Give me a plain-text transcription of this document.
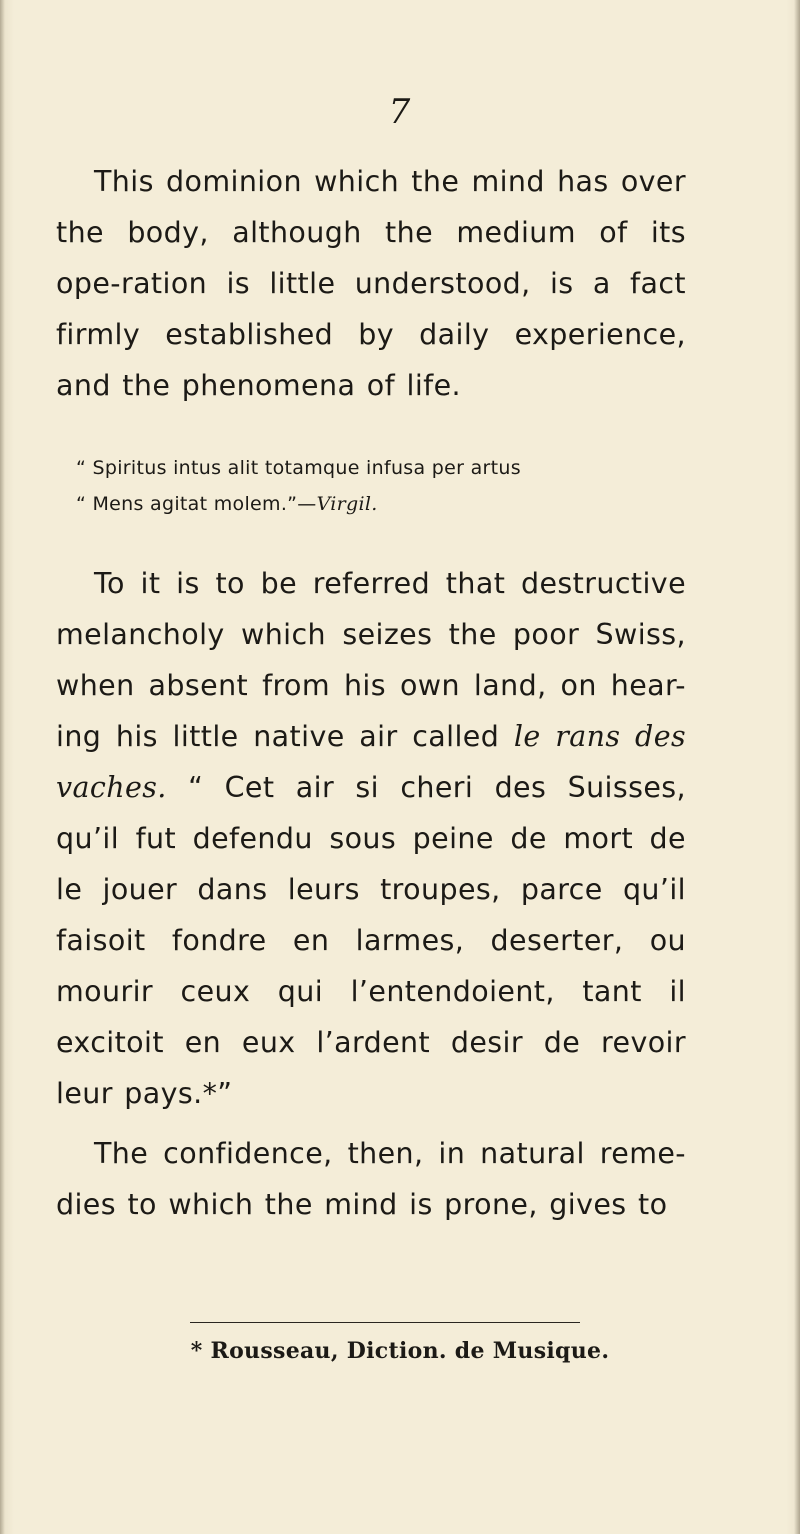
7
This dominion which the mind has over the body, although the medium of its ope-ration is little understood, is a fact firmly established by daily experience, and the phenomena of life.
“ Spiritus intus alit totamque infusa per artus
“ Mens agitat molem.”—Virgil.
To it is to be referred that destructive melancholy which seizes the poor Swiss, when absent from his own land, on hear-ing his little native air called le rans des vaches. “ Cet air si cheri des Suisses, qu’il fut defendu sous peine de mort de le jouer dans leurs troupes, parce qu’il faisoit fondre en larmes, deserter, ou mourir ceux qui l’entendoient, tant il excitoit en eux l’ardent desir de revoir leur pays.*”
The confidence, then, in natural reme-dies to which the mind is prone, gives to
* Rousseau, Diction. de Musique.
